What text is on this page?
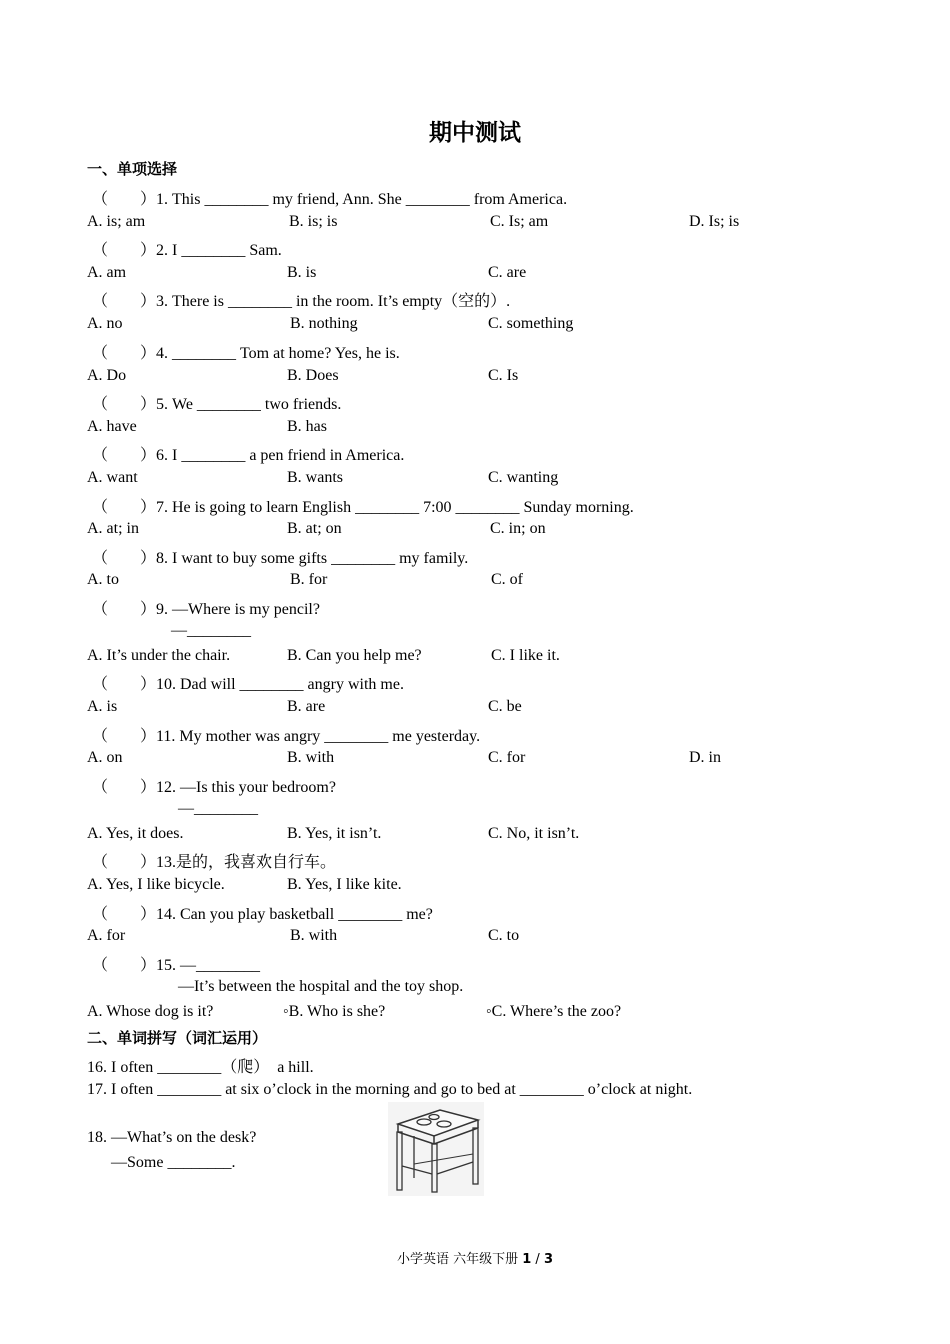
期中测试
一、单项选择
（　　）1. This ________ my friend, Ann. She ________ from America.
A. is; am	B. is; is	C. Is; am	D. Is; is
（　　）2. I ________ Sam.
A. am	B. is	C. are
（　　）3. There is ________ in the room. It’s empty（空的）.
A. no	B. nothing	C. something
（　　）4. ________ Tom at home? Yes, he is.
A. Do	B. Does	C. Is
（　　）5. We ________ two friends.
A. have	B. has
（　　）6. I ________ a pen friend in America.
A. want	B. wants	C. wanting
（　　）7. He is going to learn English ________ 7:00 ________ Sunday morning.
A. at; in	B. at; on	C. in; on
（　　）8. I want to buy some gifts ________ my family.
A. to	B. for	C. of
（　　）9. —Where is my pencil?
—________
A. It’s under the chair.	B. Can you help me?	C. I like it.
（　　）10. Dad will ________ angry with me.
A. is	B. are	C. be
（　　）11. My mother was angry ________ me yesterday.
A. on	B. with	C. for	D. in
（　　）12. —Is this your bedroom?
—________
A. Yes, it does.	B. Yes, it isn’t.	C. No, it isn’t.
（　　）13.是的，我喜欢自行车。
A. Yes, I like bicycle.	B. Yes, I like kite.
（　　）14. Can you play basketball ________ me?
A. for	B. with	C. to
（　　）15. —________
—It’s between the hospital and the toy shop.
A. Whose dog is it?	◦B. Who is she?	◦C. Where’s the zoo?
二、单词拼写（词汇运用）
16. I often ________（爬）  a hill.
17. I often ________ at six o’clock in the morning and go to bed at ________ o’clock at night.
18. —What’s on the desk?
—Some ________.
小学英语 六年级下册 1 / 3
